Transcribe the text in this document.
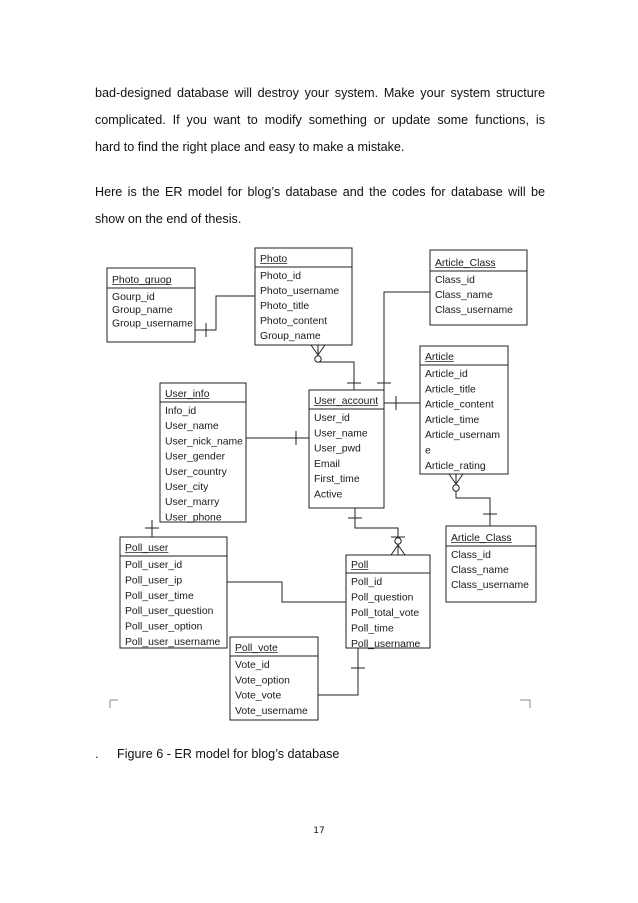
bad-designed database will destroy your system. Make your system structure
complicated. If you want to modify something or update some functions, is
hard to find the right place and easy to make a mistake.
Here is the ER model for blog’s database and the codes for database will be
show on the end of thesis.
Photo_gruop
Gourp_id
Group_name
Group_username
Photo
Photo_id
Photo_username
Photo_title
Photo_content
Group_name
Article_Class
Class_id
Class_name
Class_username
User_info
Info_id
User_name
User_nick_name
User_gender
User_country
User_city
User_marry
User_phone
User_account
User_id
User_name
User_pwd
Email
First_time
Active
Article
Article_id
Article_title
Article_content
Article_time
Article_usernam
e
Article_rating
Article_Class
Class_id
Class_name
Class_username
Poll_user
Poll_user_id
Poll_user_ip
Poll_user_time
Poll_user_question
Poll_user_option
Poll_user_username
Poll
Poll_id
Poll_question
Poll_total_vote
Poll_time
Poll_username
Poll_vote
Vote_id
Vote_option
Vote_vote
Vote_username

. Figure 6 - ER model for blog’s database

17
